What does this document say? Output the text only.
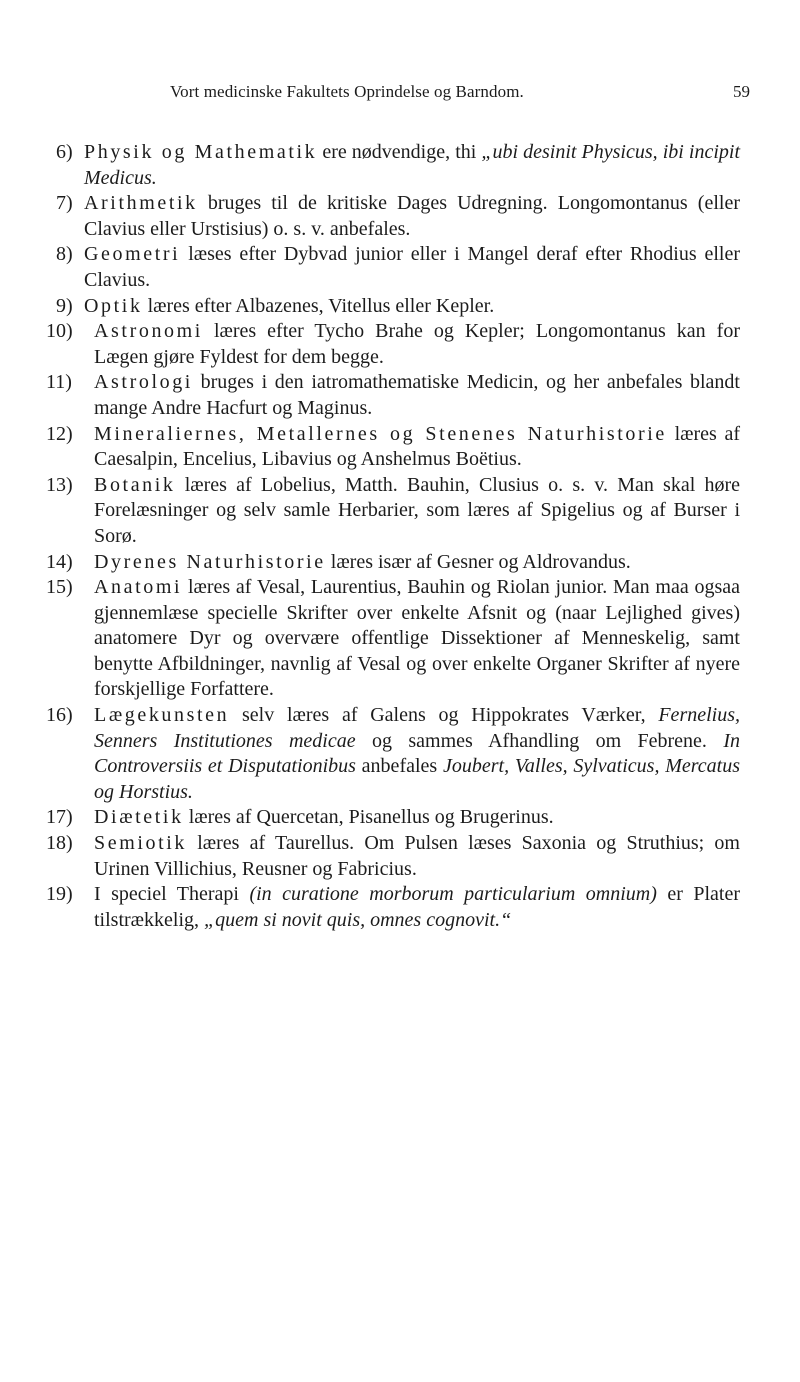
Vort medicinske Fakultets Oprindelse og Barndom.	59
6) Physik og Mathematik ere nødvendige, thi „ubi desinit Physicus, ibi incipit Medicus.
7) Arithmetik bruges til de kritiske Dages Udregning. Longomontanus (eller Clavius eller Urstisius) o. s. v. anbefales.
8) Geometri læses efter Dybvad junior eller i Mangel deraf efter Rhodius eller Clavius.
9) Optik læres efter Albazenes, Vitellus eller Kepler.
10) Astronomi læres efter Tycho Brahe og Kepler; Longomontanus kan for Lægen gjøre Fyldest for dem begge.
11) Astrologi bruges i den iatromathematiske Medicin, og her anbefales blandt mange Andre Hacfurt og Maginus.
12) Mineraliernes, Metallernes og Stenenes Naturhistorie læres af Caesalpin, Encelius, Libavius og Anshelmus Boëtius.
13) Botanik læres af Lobelius, Matth. Bauhin, Clusius o. s. v. Man skal høre Forelæsninger og selv samle Herbarier, som læres af Spigelius og af Burser i Sorø.
14) Dyrenes Naturhistorie læres især af Gesner og Aldrovandus.
15) Anatomi læres af Vesal, Laurentius, Bauhin og Riolan junior. Man maa ogsaa gjennemlæse specielle Skrifter over enkelte Afsnit og (naar Lejlighed gives) anatomere Dyr og overvære offentlige Dissektioner af Menneskelig, samt benytte Afbildninger, navnlig af Vesal og over enkelte Organer Skrifter af nyere forskjellige Forfattere.
16) Lægekunsten selv læres af Galens og Hippokrates Værker, Fernelius, Senners Institutiones medicae og sammes Afhandling om Febrene. In Controversiis et Disputationibus anbefales Joubert, Valles, Sylvaticus, Mercatus og Horstius.
17) Diætetik læres af Quercetan, Pisanellus og Brugerinus.
18) Semiotik læres af Taurellus. Om Pulsen læses Saxonia og Struthius; om Urinen Villichius, Reusner og Fabricius.
19) I speciel Therapi (in curatione morborum particularium omnium) er Plater tilstrækkelig, „quem si novit quis, omnes cognovit.“
